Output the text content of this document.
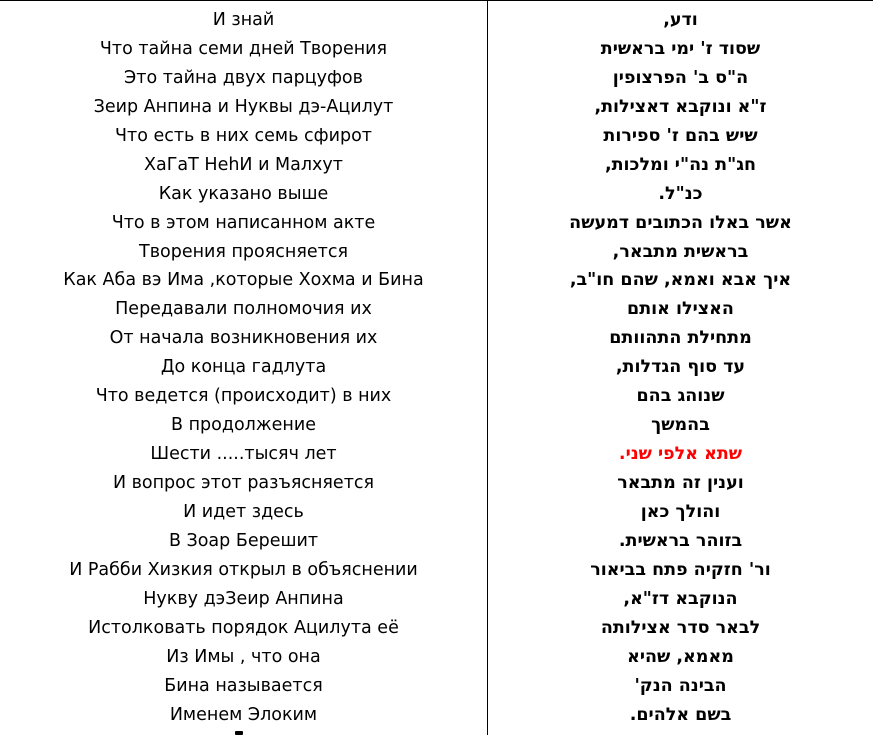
И знай
Что тайна семи дней Творения
Это тайна двух парцуфов
Зеир Анпина и Нуквы дэ-Ацилут
Что есть в них семь сфирот
ХаГаТ НеһИ и Малхут
Как указано выше
Что в этом написанном акте
Творения проясняется
Как Аба вэ Има ,которые Хохма и Бина
Передавали полномочия их
От начала возникновения их
До конца гадлута
Что ведется (происходит) в них
В продолжение
Шести .....тысяч лет
И вопрос этот разъясняется
И идет здесь
В Зоар Берешит
И Рабби Хизкия открыл в объяснении
Нукву дэЗеир Анпина
Истолковать порядок Ацилута её
Из Имы , что она
Бина называется
Именем Элоким
ודע,
שסוד ז' ימי בראשית
ה"ס ב' הפרצופין
ז"א ונוקבא דאצילות,
שיש בהם ז' ספירות
חג"ת נה"י ומלכות,
כנ"ל.
אשר באלו הכתובים דמעשה
בראשית מתבאר,
איך אבא ואמא, שהם חו"ב,
האצילו אותם
מתחילת התהוותם
עד סוף הגדלות,
שנוהג בהם
בהמשך
שתא אלפי שני.
וענין זה מתבאר
והולך כאן
בזוהר בראשית.
ור' חזקיה פתח בביאור
הנוקבא דז"א,
לבאר סדר אצילותה
מאמא, שהיא
הבינה הנק'
בשם אלהים.
